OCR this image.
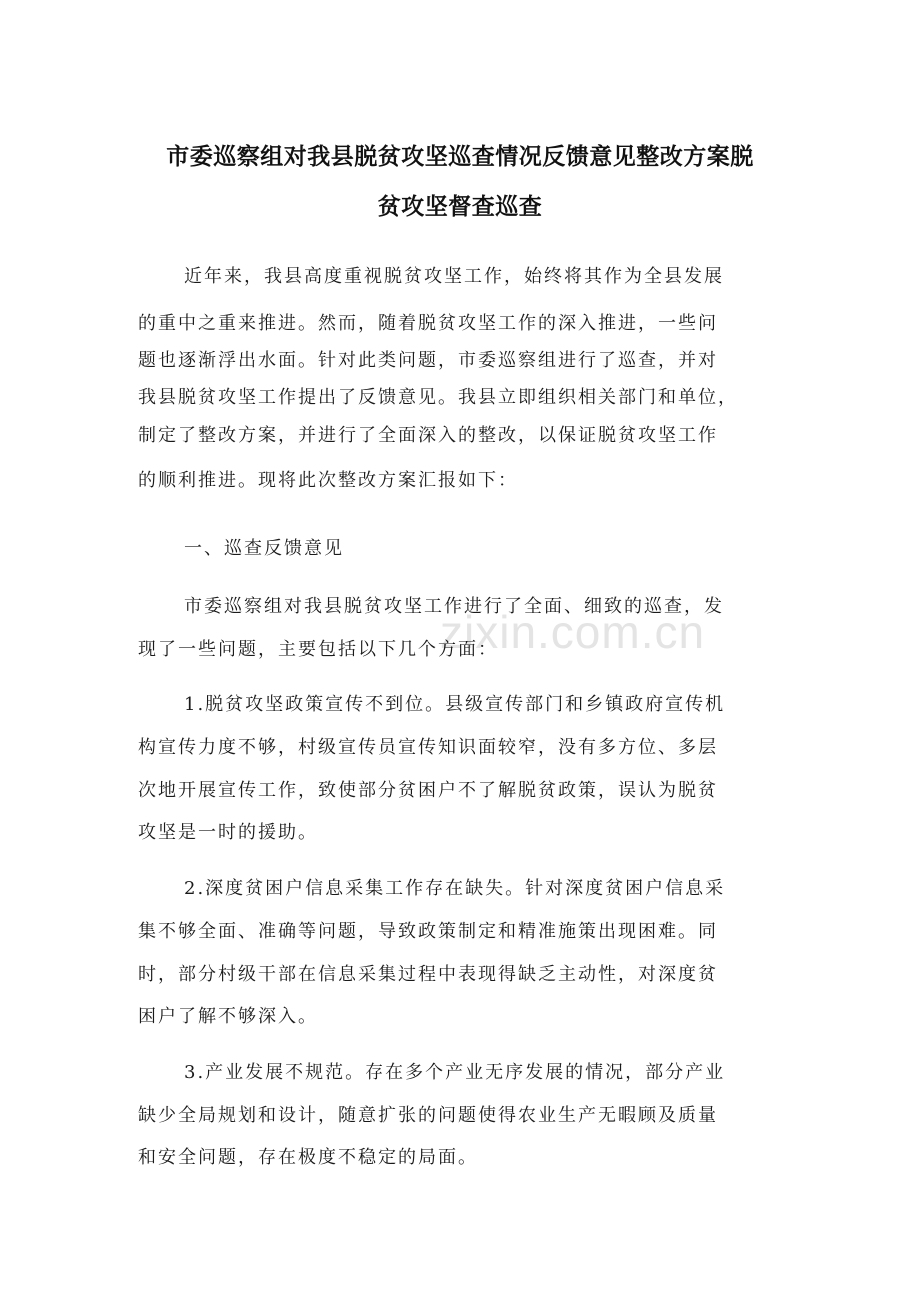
zixin.com.cn
市委巡察组对我县脱贫攻坚巡查情况反馈意见整改方案脱
贫攻坚督查巡查
近年来，我县高度重视脱贫攻坚工作，始终将其作为全县发展
的重中之重来推进。然而，随着脱贫攻坚工作的深入推进，一些问
题也逐渐浮出水面。针对此类问题，市委巡察组进行了巡查，并对
我县脱贫攻坚工作提出了反馈意见。我县立即组织相关部门和单位，
制定了整改方案，并进行了全面深入的整改，以保证脱贫攻坚工作
的顺利推进。现将此次整改方案汇报如下：
一、巡查反馈意见
市委巡察组对我县脱贫攻坚工作进行了全面、细致的巡查，发
现了一些问题，主要包括以下几个方面：
1.脱贫攻坚政策宣传不到位。县级宣传部门和乡镇政府宣传机
构宣传力度不够，村级宣传员宣传知识面较窄，没有多方位、多层
次地开展宣传工作，致使部分贫困户不了解脱贫政策，误认为脱贫
攻坚是一时的援助。
2.深度贫困户信息采集工作存在缺失。针对深度贫困户信息采
集不够全面、准确等问题，导致政策制定和精准施策出现困难。同
时，部分村级干部在信息采集过程中表现得缺乏主动性，对深度贫
困户了解不够深入。
3.产业发展不规范。存在多个产业无序发展的情况，部分产业
缺少全局规划和设计，随意扩张的问题使得农业生产无暇顾及质量
和安全问题，存在极度不稳定的局面。
